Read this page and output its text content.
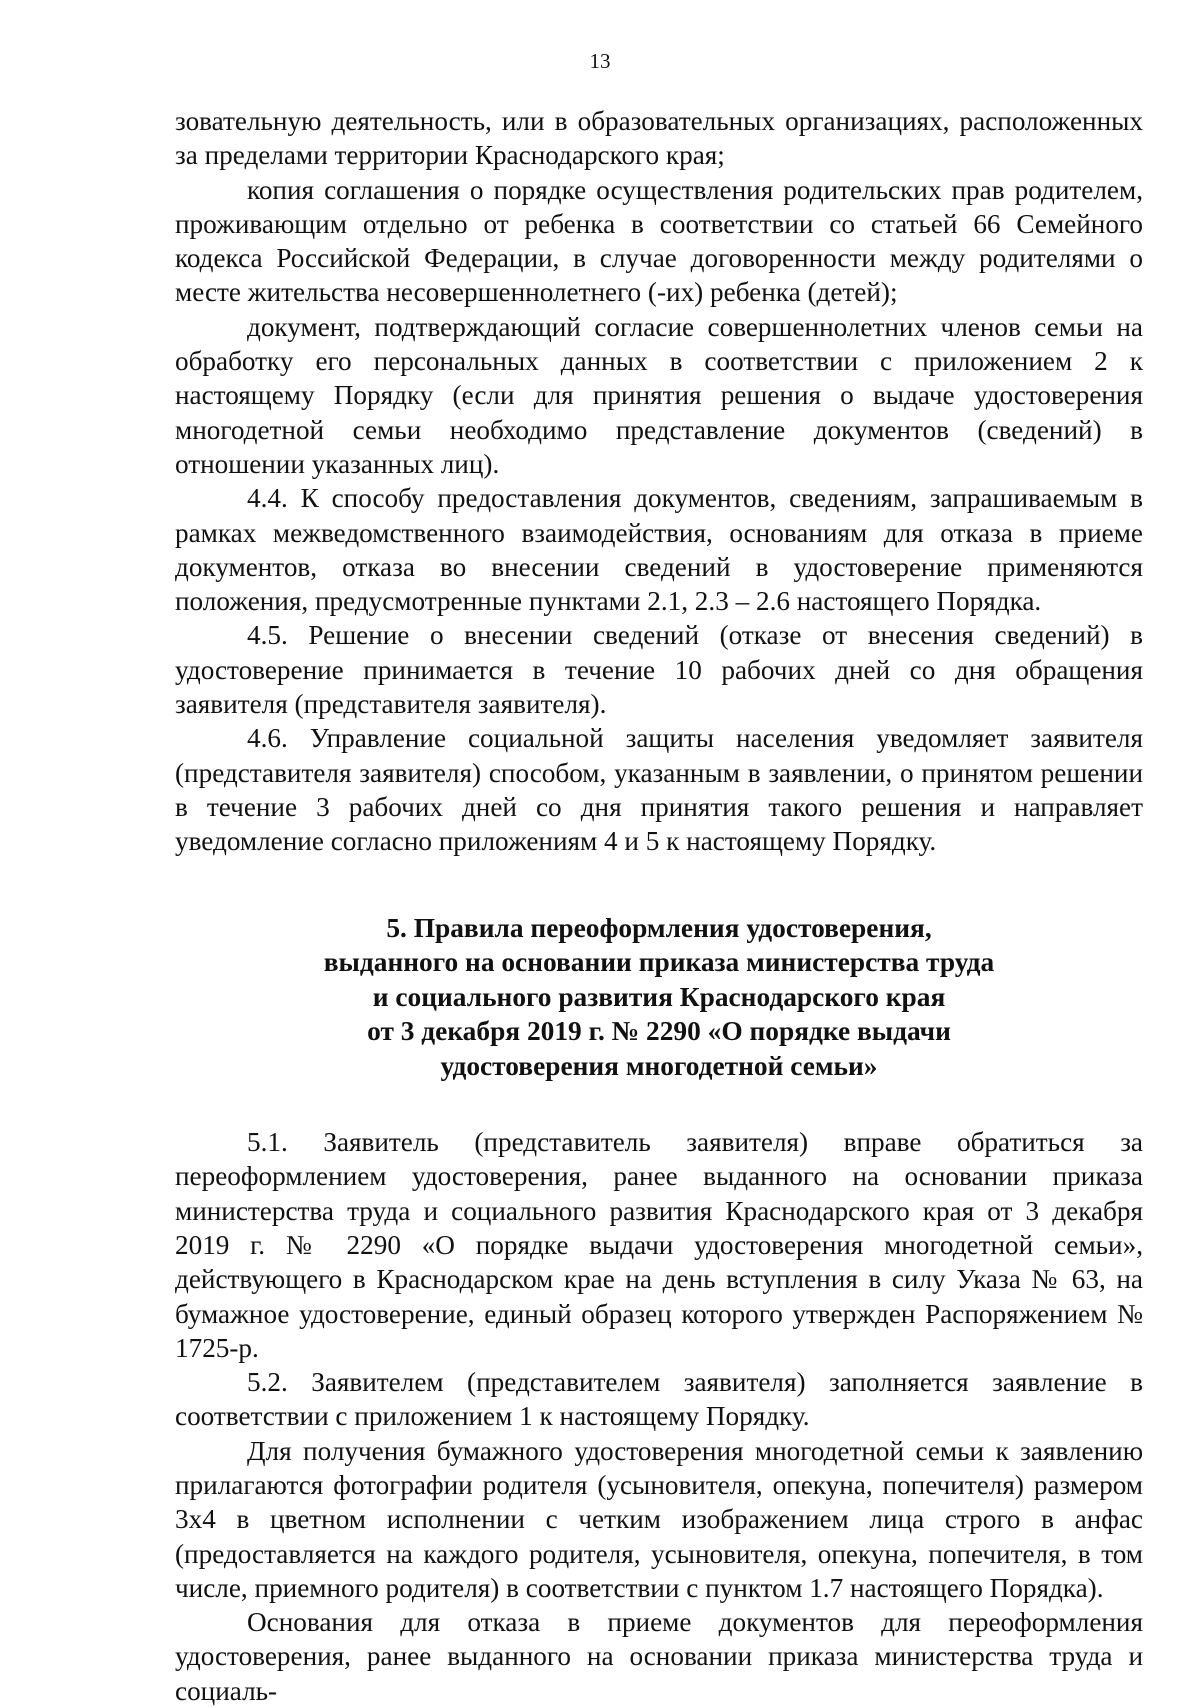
13

зовательную деятельность, или в образовательных организациях, расположенных за пределами территории Краснодарского края;

копия соглашения о порядке осуществления родительских прав родителем, проживающим отдельно от ребенка в соответствии со статьей 66 Семейного кодекса Российской Федерации, в случае договоренности между родителями о месте жительства несовершеннолетнего (-их) ребенка (детей);

документ, подтверждающий согласие совершеннолетних членов семьи на обработку его персональных данных в соответствии с приложением 2 к настоящему Порядку (если для принятия решения о выдаче удостоверения многодетной семьи необходимо представление документов (сведений) в отношении указанных лиц).

4.4. К способу предоставления документов, сведениям, запрашиваемым в рамках межведомственного взаимодействия, основаниям для отказа в приеме документов, отказа во внесении сведений в удостоверение применяются положения, предусмотренные пунктами 2.1, 2.3 – 2.6 настоящего Порядка.

4.5. Решение о внесении сведений (отказе от внесения сведений) в удостоверение принимается в течение 10 рабочих дней со дня обращения заявителя (представителя заявителя).

4.6. Управление социальной защиты населения уведомляет заявителя (представителя заявителя) способом, указанным в заявлении, о принятом решении в течение 3 рабочих дней со дня принятия такого решения и направляет уведомление согласно приложениям 4 и 5 к настоящему Порядку.

5. Правила переоформления удостоверения,
выданного на основании приказа министерства труда
и социального развития Краснодарского края
от 3 декабря 2019 г. № 2290 «О порядке выдачи
удостоверения многодетной семьи»

5.1. Заявитель (представитель заявителя) вправе обратиться за переоформлением удостоверения, ранее выданного на основании приказа министерства труда и социального развития Краснодарского края от 3 декабря 2019 г. № 2290 «О порядке выдачи удостоверения многодетной семьи», действующего в Краснодарском крае на день вступления в силу Указа № 63, на бумажное удостоверение, единый образец которого утвержден Распоряжением № 1725-р.

5.2. Заявителем (представителем заявителя) заполняется заявление в соответствии с приложением 1 к настоящему Порядку.

Для получения бумажного удостоверения многодетной семьи к заявлению прилагаются фотографии родителя (усыновителя, опекуна, попечителя) размером 3х4 в цветном исполнении с четким изображением лица строго в анфас (предоставляется на каждого родителя, усыновителя, опекуна, попечителя, в том числе, приемного родителя) в соответствии с пунктом 1.7 настоящего Порядка).

Основания для отказа в приеме документов для переоформления удостоверения, ранее выданного на основании приказа министерства труда и социаль-
